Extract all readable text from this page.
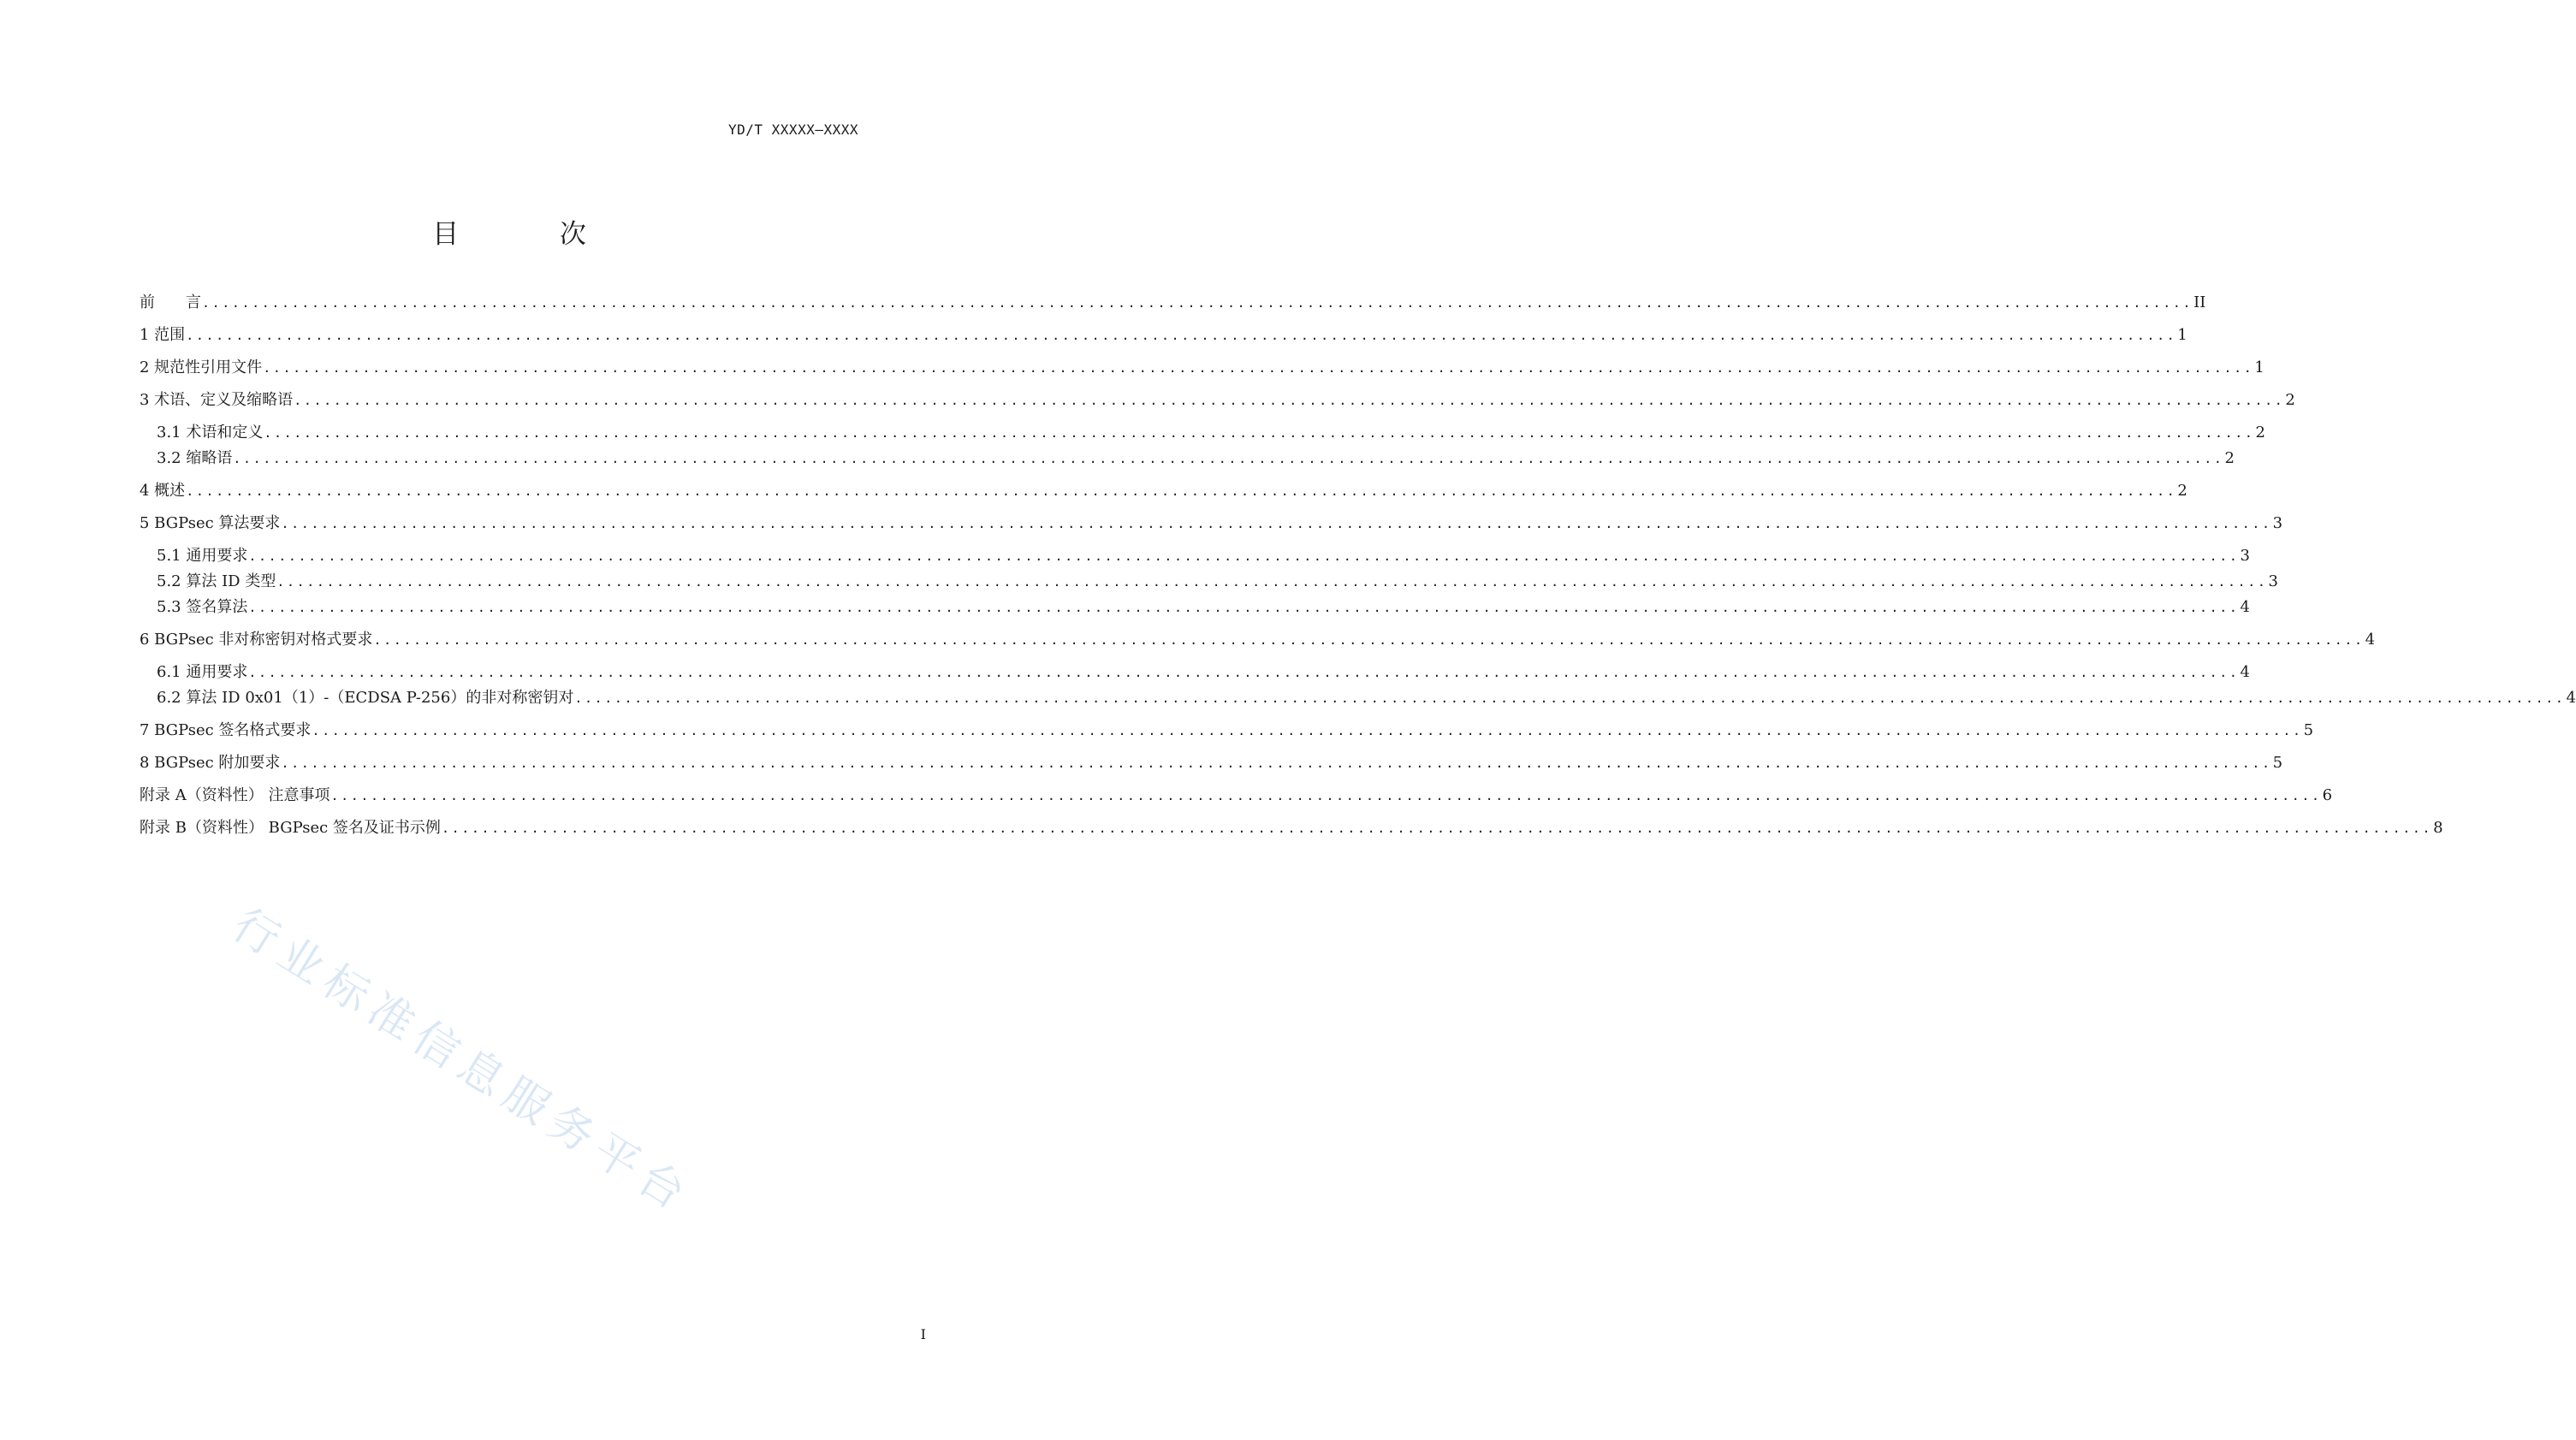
YD/T XXXXX—XXXX
目 次
前　　言 ........................................................................................................................................................................................................ II
1 范围 ........................................................................................................................................................................................................ 1
2 规范性引用文件 ........................................................................................................................................................................................................ 1
3 术语、定义及缩略语 ........................................................................................................................................................................................................ 2
3.1 术语和定义 ........................................................................................................................................................................................................ 2
3.2 缩略语 ........................................................................................................................................................................................................ 2
4 概述 ........................................................................................................................................................................................................ 2
5 BGPsec 算法要求 ........................................................................................................................................................................................................ 3
5.1 通用要求 ........................................................................................................................................................................................................ 3
5.2 算法 ID 类型 ........................................................................................................................................................................................................ 3
5.3 签名算法 ........................................................................................................................................................................................................ 4
6 BGPsec 非对称密钥对格式要求 ........................................................................................................................................................................................................ 4
6.1 通用要求 ........................................................................................................................................................................................................ 4
6.2 算法 ID 0x01（1）-（ECDSA P-256）的非对称密钥对 ........................................................................................................................................................................................................ 4
7 BGPsec 签名格式要求 ........................................................................................................................................................................................................ 5
8 BGPsec 附加要求 ........................................................................................................................................................................................................ 5
附录 A（资料性） 注意事项 ........................................................................................................................................................................................................ 6
附录 B（资料性） BGPsec 签名及证书示例 ........................................................................................................................................................................................................ 8
行业标准信息服务平台
I
